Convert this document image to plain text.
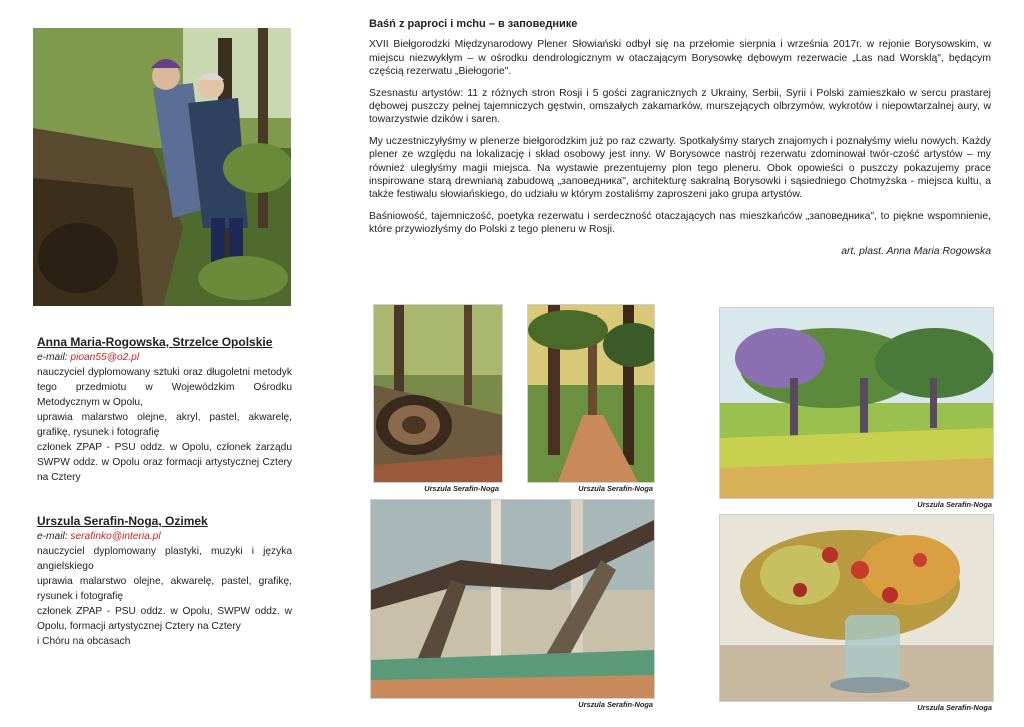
Anna Maria-Rogowska, Strzelce Opolskie
e-mail: pioan55@o2.pl

nauczyciel dyplomowany sztuki oraz długoletni metodyk tego przedmiotu w Wojewódzkim Ośrodku Metodycznym w Opolu,

uprawia malarstwo olejne, akryl, pastel, akwarelę, grafikę, rysunek i fotografię

członek ZPAP - PSU oddz. w Opolu, członek zarządu SWPW oddz. w Opolu oraz formacji artystycznej Cztery na Cztery

Urszula Serafin-Noga, Ozimek
e-mail: serafinko@interia.pl

nauczyciel dyplomowany plastyki, muzyki i języka angielskiego

uprawia malarstwo olejne, akwarelę, pastel, grafikę, rysunek i fotografię

członek ZPAP - PSU oddz. w Opolu, SWPW oddz. w Opolu, formacji artystycznej Cztery na Cztery

i Chóru na obcasach

Baśń z paproci i mchu – в заповеднике

XVII Biełgorodzki Międzynarodowy Plener Słowiański odbył się na przełomie sierpnia i września 2017r. w rejonie Borysowskim, w miejscu niezwykłym – w ośrodku dendrologicznym w otaczającym Borysowkę dębowym rezerwacie „Las nad Worsklą", będącym częścią rezerwatu „Biełogorie".

Szesnastu artystów: 11 z różnych stron Rosji i 5 gości zagranicznych z Ukrainy, Serbii, Syrii i Polski zamieszkało w sercu prastarej dębowej puszczy pełnej tajemniczych gęstwin, omszałych zakamarków, murszejących olbrzymów, wykrotów i niepowtarzalnej aury, w towarzystwie dzików i saren.

My uczestniczyłyśmy w plenerze biełgorodzkim już po raz czwarty. Spotkałyśmy starych znajomych i poznałyśmy wielu nowych. Każdy plener ze względu na lokalizację i skład osobowy jest inny. W Borysowce nastrój rezerwatu zdominował twór-czość artystów – my również uległyśmy magii miejsca. Na wystawie prezentujemy plon tego pleneru. Obok opowieści o puszczy pokazujemy prace inspirowane starą drewnianą zabudową „заповедника", architekturę sakralną Borysowki i sąsiedniego Chotmyżska - miejsca kultu, a także festiwalu słowiańskiego, do udziału w którym zostaliśmy zaproszeni jako grupa artystów.

Baśniowość, tajemniczość, poetyka rezerwatu i serdeczność otaczających nas mieszkańców „заповедника", to piękne wspomnienie, które przywiozłyśmy do Polski z tego pleneru w Rosji.

art. plast. Anna Maria Rogowska
Urszula Serafin-Noga	Urszula Serafin-Noga
Urszula Serafin-Noga
Urszula Serafin-Noga	Urszula Serafin-Noga
